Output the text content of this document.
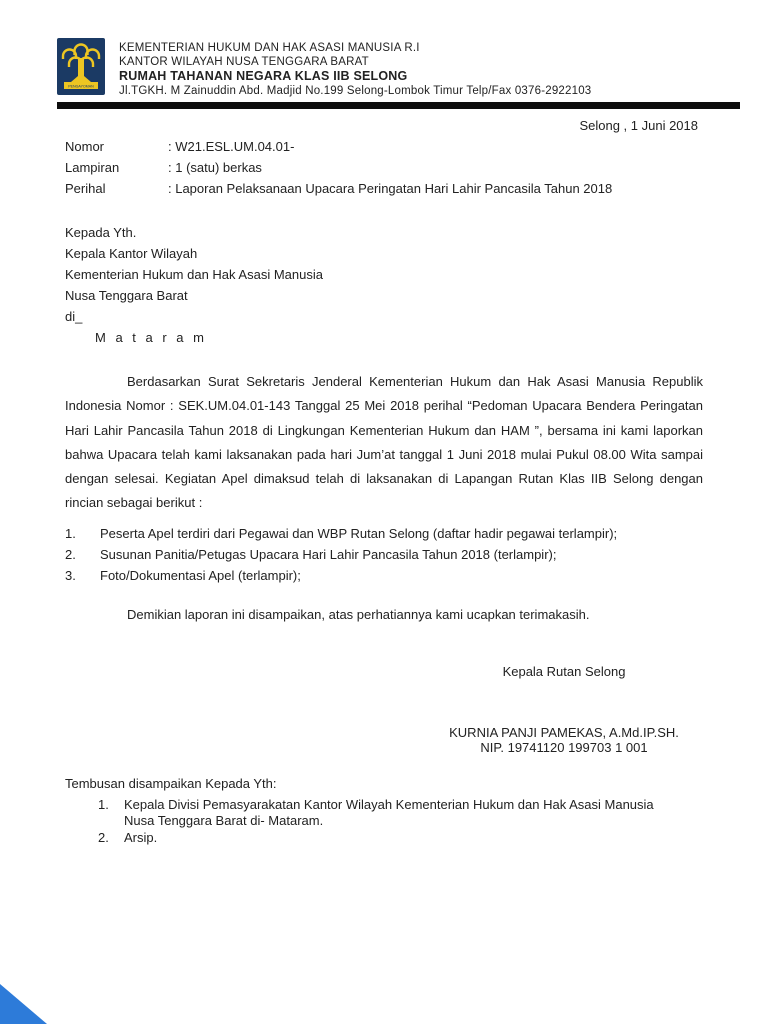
PENGAYOMAN
KEMENTERIAN HUKUM DAN HAK ASASI MANUSIA R.I
KANTOR WILAYAH NUSA TENGGARA BARAT
RUMAH TAHANAN NEGARA KLAS IIB SELONG
Jl.TGKH. M Zainuddin Abd. Madjid No.199 Selong-Lombok Timur Telp/Fax 0376-2922103
Selong , 1 Juni 2018
Nomor	: W21.ESL.UM.04.01-
Lampiran	: 1 (satu) berkas
Perihal	: Laporan Pelaksanaan Upacara Peringatan Hari Lahir Pancasila Tahun 2018
Kepada Yth.
Kepala Kantor Wilayah
Kementerian Hukum dan Hak Asasi Manusia
Nusa Tenggara Barat
di_
M a t a r a m
Berdasarkan Surat Sekretaris Jenderal Kementerian Hukum dan Hak Asasi Manusia Republik Indonesia Nomor : SEK.UM.04.01-143 Tanggal 25 Mei 2018 perihal “Pedoman Upacara Bendera Peringatan Hari Lahir Pancasila Tahun 2018 di Lingkungan Kementerian Hukum dan HAM ”, bersama ini kami laporkan bahwa Upacara telah kami laksanakan pada hari Jum’at tanggal 1 Juni 2018 mulai Pukul 08.00 Wita sampai dengan selesai. Kegiatan Apel dimaksud telah di laksanakan di Lapangan Rutan Klas IIB Selong dengan rincian sebagai berikut :
Peserta Apel terdiri dari Pegawai dan WBP Rutan Selong (daftar hadir pegawai terlampir);
Susunan Panitia/Petugas Upacara Hari Lahir Pancasila Tahun 2018 (terlampir);
Foto/Dokumentasi Apel (terlampir);
Demikian laporan ini disampaikan, atas perhatiannya kami ucapkan terimakasih.
Kepala Rutan Selong
KURNIA PANJI PAMEKAS, A.Md.IP.SH.
NIP. 19741120 199703 1 001
Tembusan disampaikan Kepada Yth:
Kepala Divisi Pemasyarakatan Kantor Wilayah Kementerian Hukum dan Hak Asasi Manusia Nusa Tenggara Barat di- Mataram.
Arsip.
